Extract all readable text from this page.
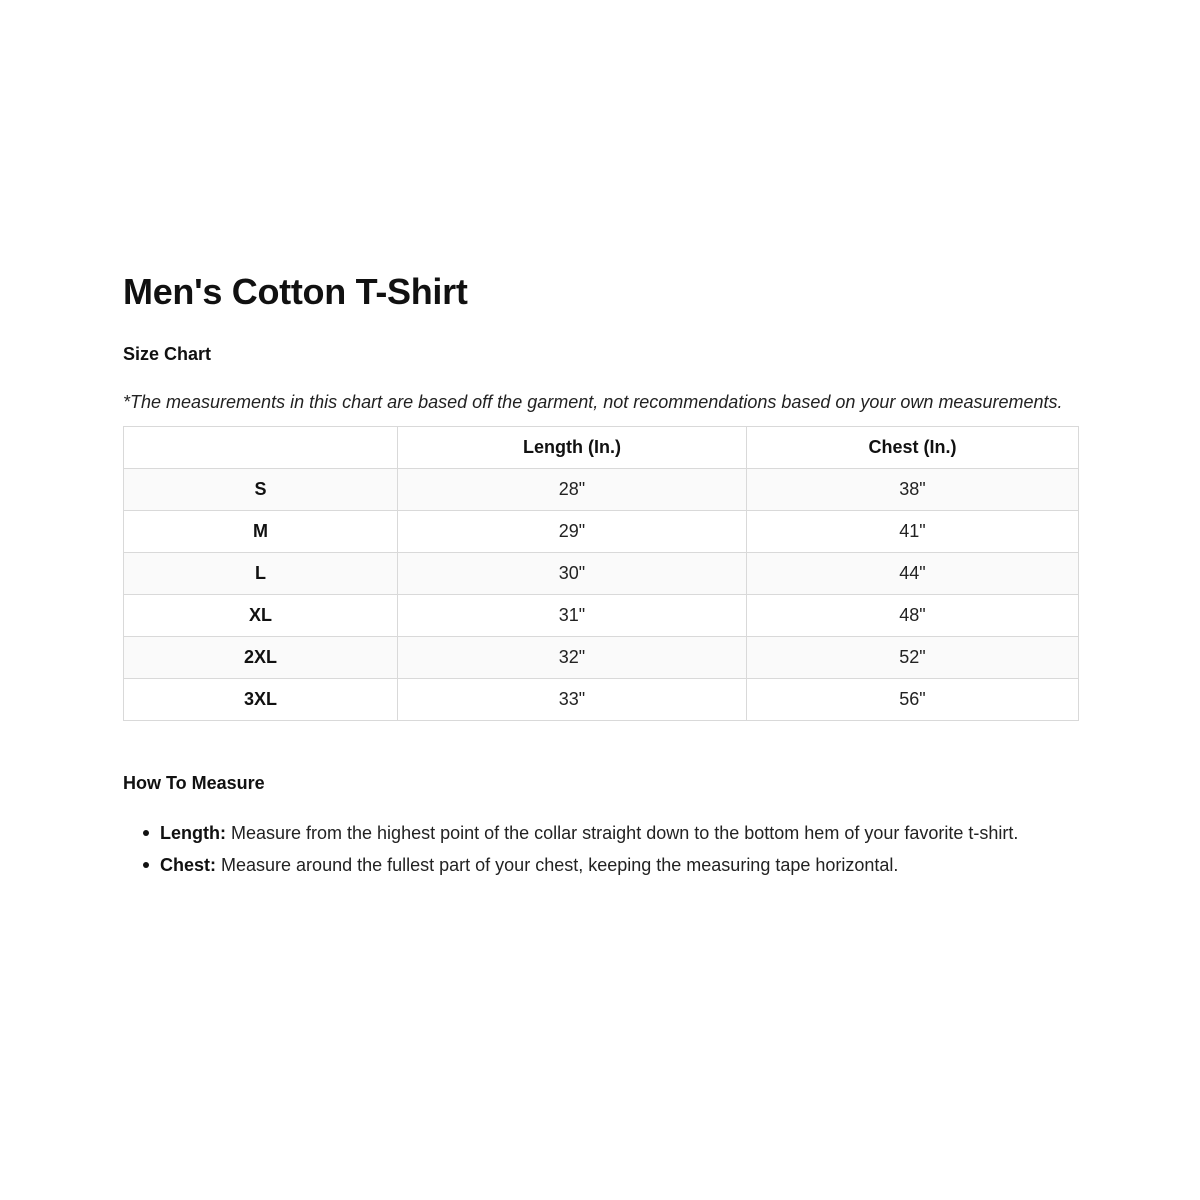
Men's Cotton T-Shirt
Size Chart

*The measurements in this chart are based off the garment, not recommendations based on your own measurements.

	Length (In.)	Chest (In.)
S	28"	38"
M	29"	41"
L	30"	44"
XL	31"	48"
2XL	32"	52"
3XL	33"	56"
How To Measure
Length: Measure from the highest point of the collar straight down to the bottom hem of your favorite t-shirt.
Chest: Measure around the fullest part of your chest, keeping the measuring tape horizontal.
